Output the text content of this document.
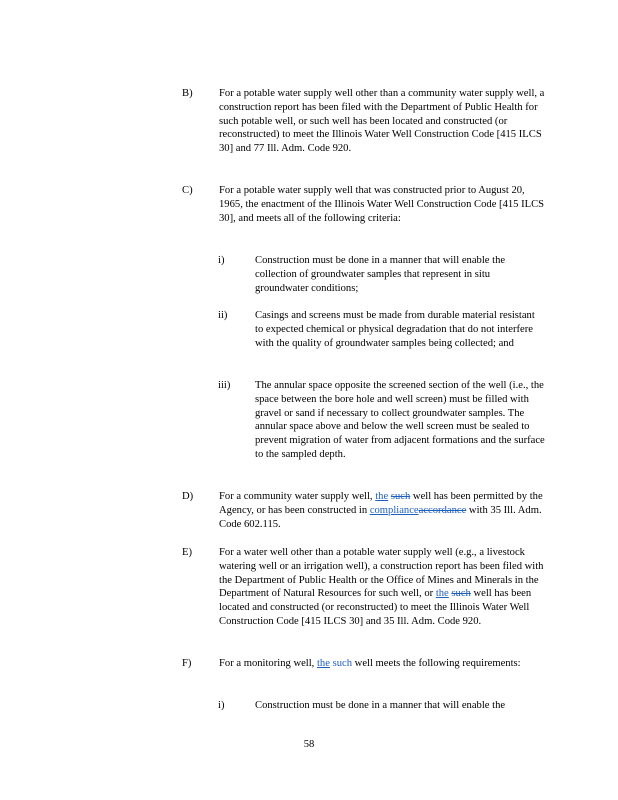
B) For a potable water supply well other than a community water supply well, a construction report has been filed with the Department of Public Health for such potable well, or such well has been located and constructed (or reconstructed) to meet the Illinois Water Well Construction Code [415 ILCS 30] and 77 Ill. Adm. Code 920.
C) For a potable water supply well that was constructed prior to August 20, 1965, the enactment of the Illinois Water Well Construction Code [415 ILCS 30], and meets all of the following criteria:
i)	Construction must be done in a manner that will enable the collection of groundwater samples that represent in situ groundwater conditions;
ii)	Casings and screens must be made from durable material resistant to expected chemical or physical degradation that do not interfere with the quality of groundwater samples being collected; and
iii) The annular space opposite the screened section of the well (i.e., the space between the bore hole and well screen) must be filled with gravel or sand if necessary to collect groundwater samples. The annular space above and below the well screen must be sealed to prevent migration of water from adjacent formations and the surface to the sampled depth.
D) For a community water supply well, the such well has been permitted by the Agency, or has been constructed in complianceaccordance with 35 Ill. Adm. Code 602.115.
E)	For a water well other than a potable water supply well (e.g., a livestock watering well or an irrigation well), a construction report has been filed with the Department of Public Health or the Office of Mines and Minerals in the Department of Natural Resources for such well, or the such well has been located and constructed (or reconstructed) to meet the Illinois Water Well Construction Code [415 ILCS 30] and 35 Ill. Adm. Code 920.
F)	For a monitoring well, the such well meets the following requirements:
i)	Construction must be done in a manner that will enable the
58
